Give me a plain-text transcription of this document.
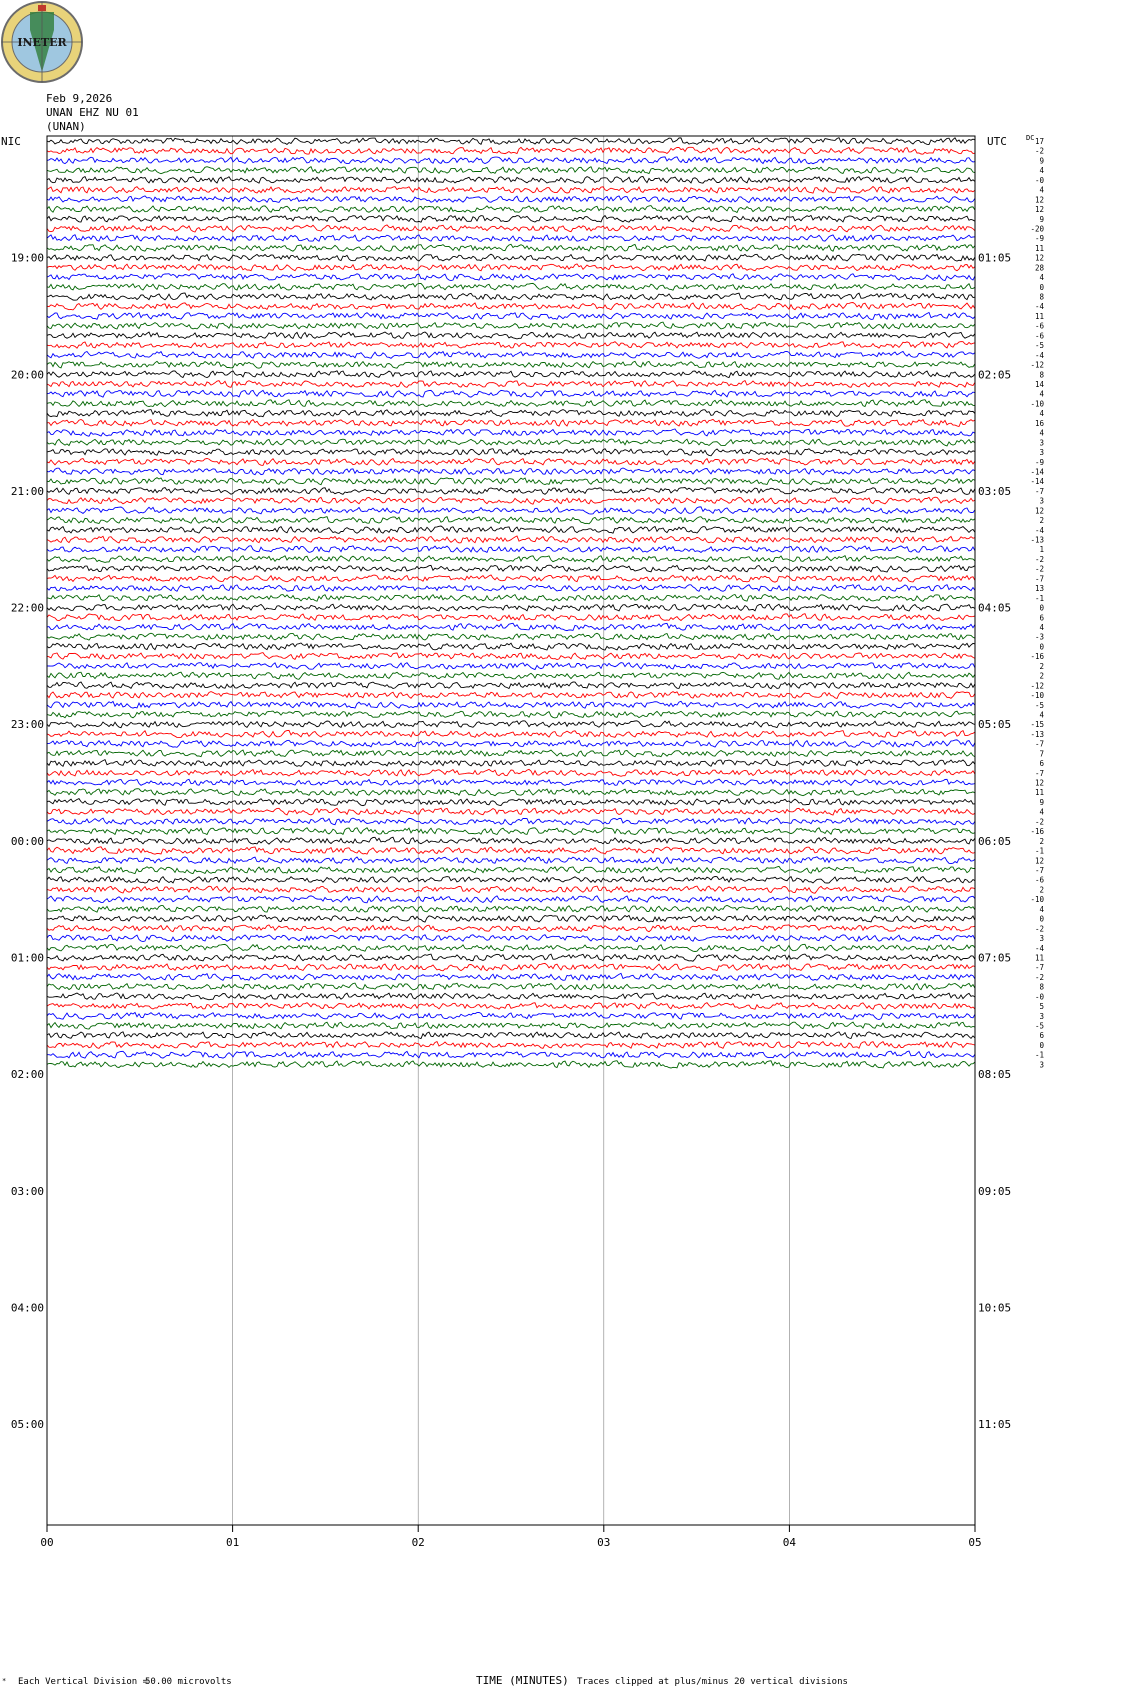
INETER
Feb 9,2026
UNAN EHZ NU 01
(UNAN)
NIC	UTC	DC
19:00
20:00
21:00
22:00
23:00
00:00
01:00
02:00
03:00
04:00
05:00
01:05
02:05
03:05
04:05
05:05
06:05
07:05
08:05
09:05
10:05
11:05
17
-2
9
4
-0
4
12
12
9
-20
-9
11
12
28
4
0
8
-4
11
-6
-6
-5
-4
-12
8
14
4
-10
4
16
4
3
3
-9
-14
-14
-7
3
12
2
-4
-13
1
-2
-2
-7
13
-1
0
6
4
-3
0
-16
2
2
-12
-10
-5
4
-15
-13
-7
7
6
-7
12
11
9
4
-2
-16
2
-1
12
-7
-6
2
-10
4
0
-2
3
-4
11
-7
-2
8
-0
5
3
-5
6
0
-1
3
00	01	02	03	04	05
* Each Vertical Division =
50.00 microvolts	TIME (MINUTES) Traces clipped at plus/minus 20 vertical divisions
